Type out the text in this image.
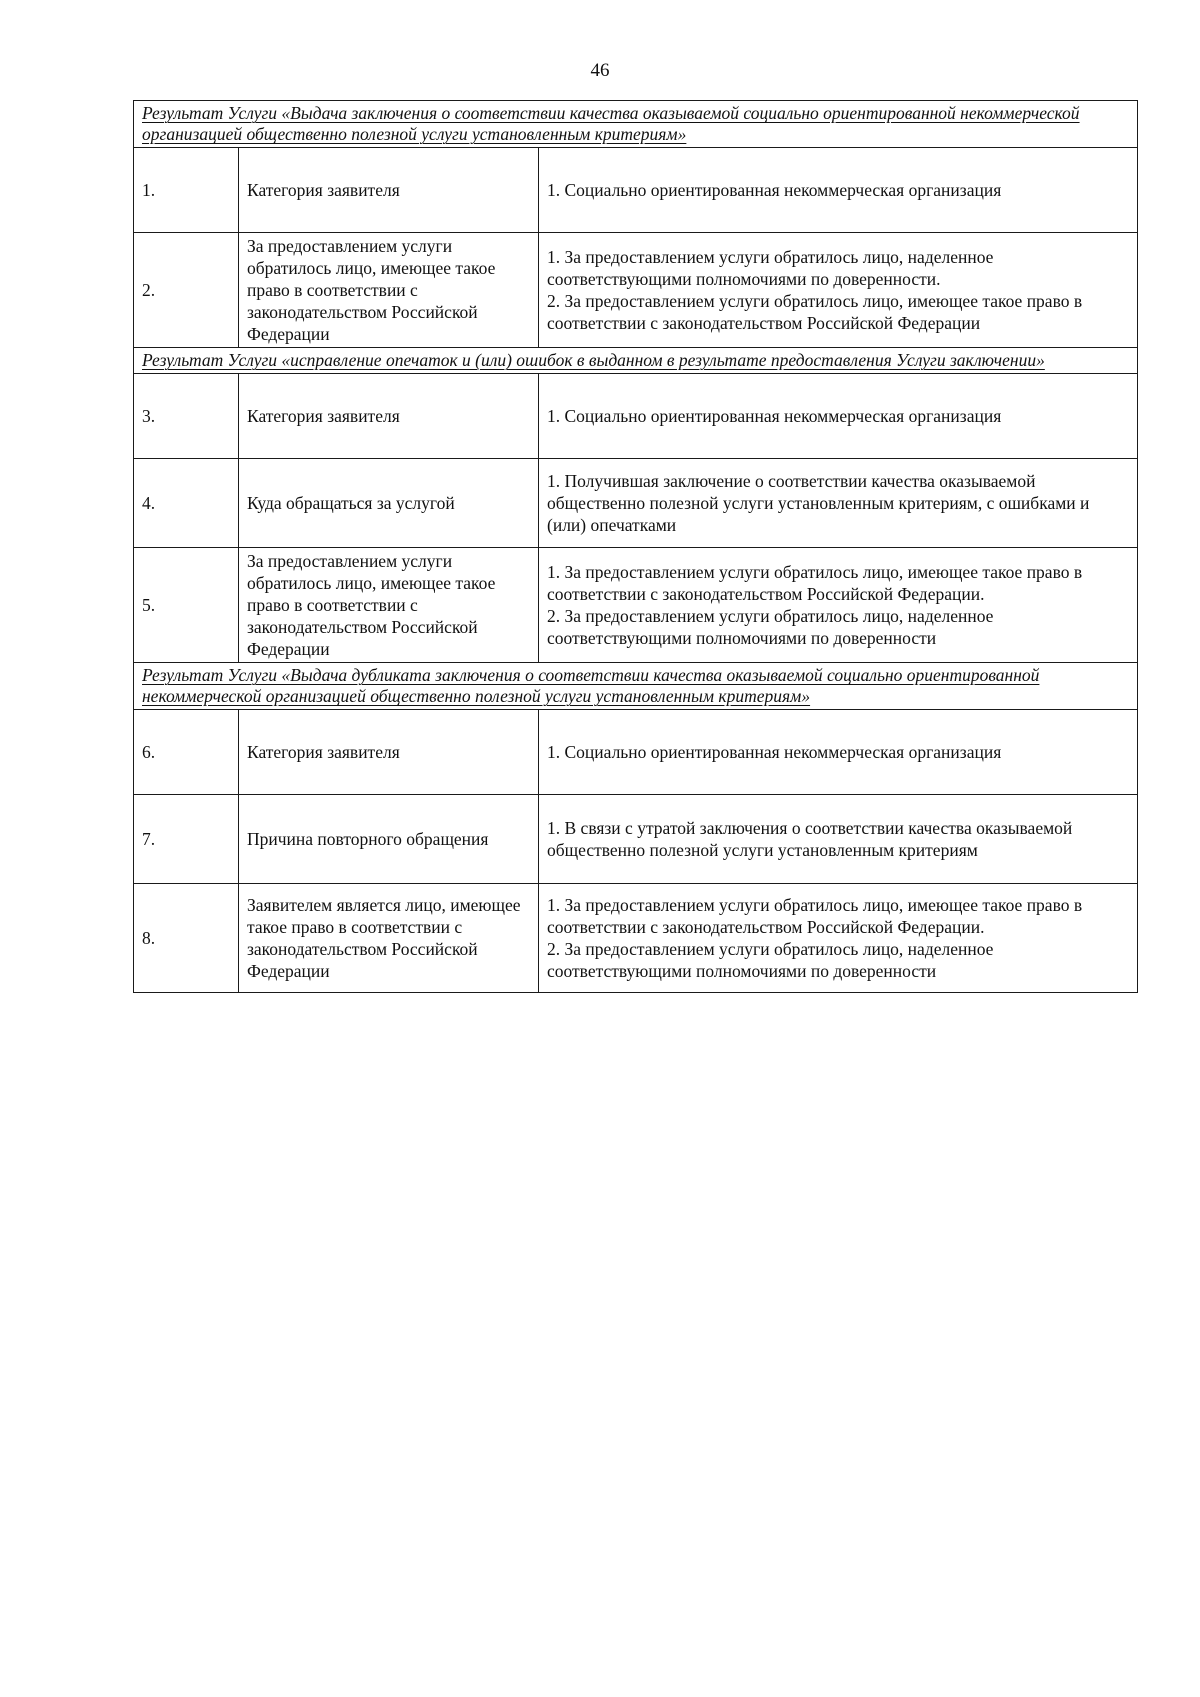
46
Результат Услуги «Выдача заключения о соответствии качества оказываемой социально ориентированной некоммерческой организацией общественно полезной услуги установленным критериям»		
1.	Категория заявителя	1. Социально ориентированная некоммерческая организация

2.	За предоставлением услуги обратилось лицо, имеющее такое право в соответствии с законодательством Российской Федерации	1. За предоставлением услуги обратилось лицо, наделенное соответствующими полномочиями по доверенности.
2. За предоставлением услуги обратилось лицо, имеющее такое право в соответствии с законодательством Российской Федерации

Результат Услуги «исправление опечаток и (или) ошибок в выданном в результате предоставления Услуги заключении»		
3.	Категория заявителя	1. Социально ориентированная некоммерческая организация

4.	Куда обращаться за услугой	1. Получившая заключение о соответствии качества оказываемой общественно полезной услуги установленным критериям, с ошибками и (или) опечатками

5.	За предоставлением услуги обратилось лицо, имеющее такое право в соответствии с законодательством Российской Федерации	1. За предоставлением услуги обратилось лицо, имеющее такое право в соответствии с законодательством Российской Федерации.
2. За предоставлением услуги обратилось лицо, наделенное соответствующими полномочиями по доверенности

Результат Услуги «Выдача дубликата заключения о соответствии качества оказываемой социально ориентированной некоммерческой организацией общественно полезной услуги установленным критериям»		
6.	Категория заявителя	1. Социально ориентированная некоммерческая организация

7.	Причина повторного обращения	1. В связи с утратой заключения о соответствии качества оказываемой общественно полезной услуги установленным критериям

8.	Заявителем является лицо, имеющее такое право в соответствии с законодательством Российской Федерации	1. За предоставлением услуги обратилось лицо, имеющее такое право в соответствии с законодательством Российской Федерации.
2. За предоставлением услуги обратилось лицо, наделенное соответствующими полномочиями по доверенности
